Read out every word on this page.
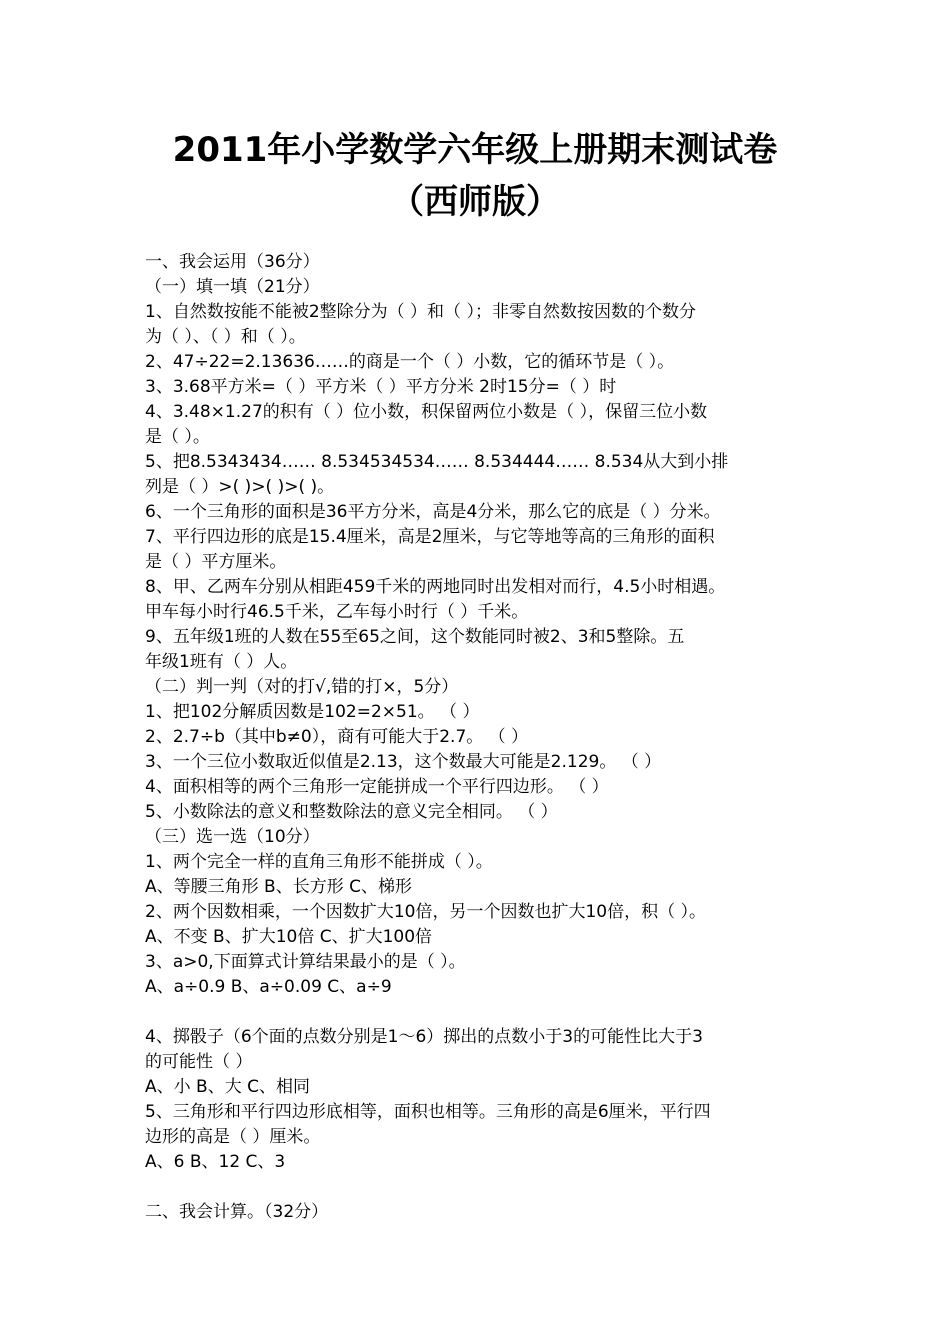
2011年小学数学六年级上册期末测试卷
（西师版）
一、我会运用（36分）
（一）填一填（21分）
1、自然数按能不能被2整除分为（ ）和（ ）；非零自然数按因数的个数分
为（ ）、（ ）和（ ）。
2、47÷22=2.13636……的商是一个（ ）小数，它的循环节是（ ）。
3、3.68平方米=（ ）平方米（ ）平方分米 2时15分=（ ）时
4、3.48×1.27的积有（ ）位小数，积保留两位小数是（ ），保留三位小数
是（ ）。
5、把8.5343434…… 8.534534534…… 8.534444…… 8.534从大到小排
列是（ ）>( )>( )>( )。
6、一个三角形的面积是36平方分米，高是4分米，那么它的底是（ ）分米。
7、平行四边形的底是15.4厘米，高是2厘米，与它等地等高的三角形的面积
是（ ）平方厘米。
8、甲、乙两车分别从相距459千米的两地同时出发相对而行，4.5小时相遇。
甲车每小时行46.5千米，乙车每小时行（ ）千米。
9、五年级1班的人数在55至65之间，这个数能同时被2、3和5整除。五
年级1班有（ ）人。
（二）判一判（对的打√,错的打×，5分）
1、把102分解质因数是102=2×51。 （ ）
2、2.7÷b（其中b≠0），商有可能大于2.7。 （ ）
3、一个三位小数取近似值是2.13，这个数最大可能是2.129。 （ ）
4、面积相等的两个三角形一定能拼成一个平行四边形。 （ ）
5、小数除法的意义和整数除法的意义完全相同。 （ ）
（三）选一选（10分）
1、两个完全一样的直角三角形不能拼成（ ）。
A、等腰三角形 B、长方形 C、梯形
2、两个因数相乘，一个因数扩大10倍，另一个因数也扩大10倍，积（ ）。
A、不变 B、扩大10倍 C、扩大100倍
3、a>0,下面算式计算结果最小的是（ ）。
A、a÷0.9 B、a÷0.09 C、a÷9
4、掷骰子（6个面的点数分别是1～6）掷出的点数小于3的可能性比大于3
的可能性（ ）
A、小 B、大 C、相同
5、三角形和平行四边形底相等，面积也相等。三角形的高是6厘米，平行四
边形的高是（ ）厘米。
A、6 B、12 C、3
二、我会计算。（32分）
